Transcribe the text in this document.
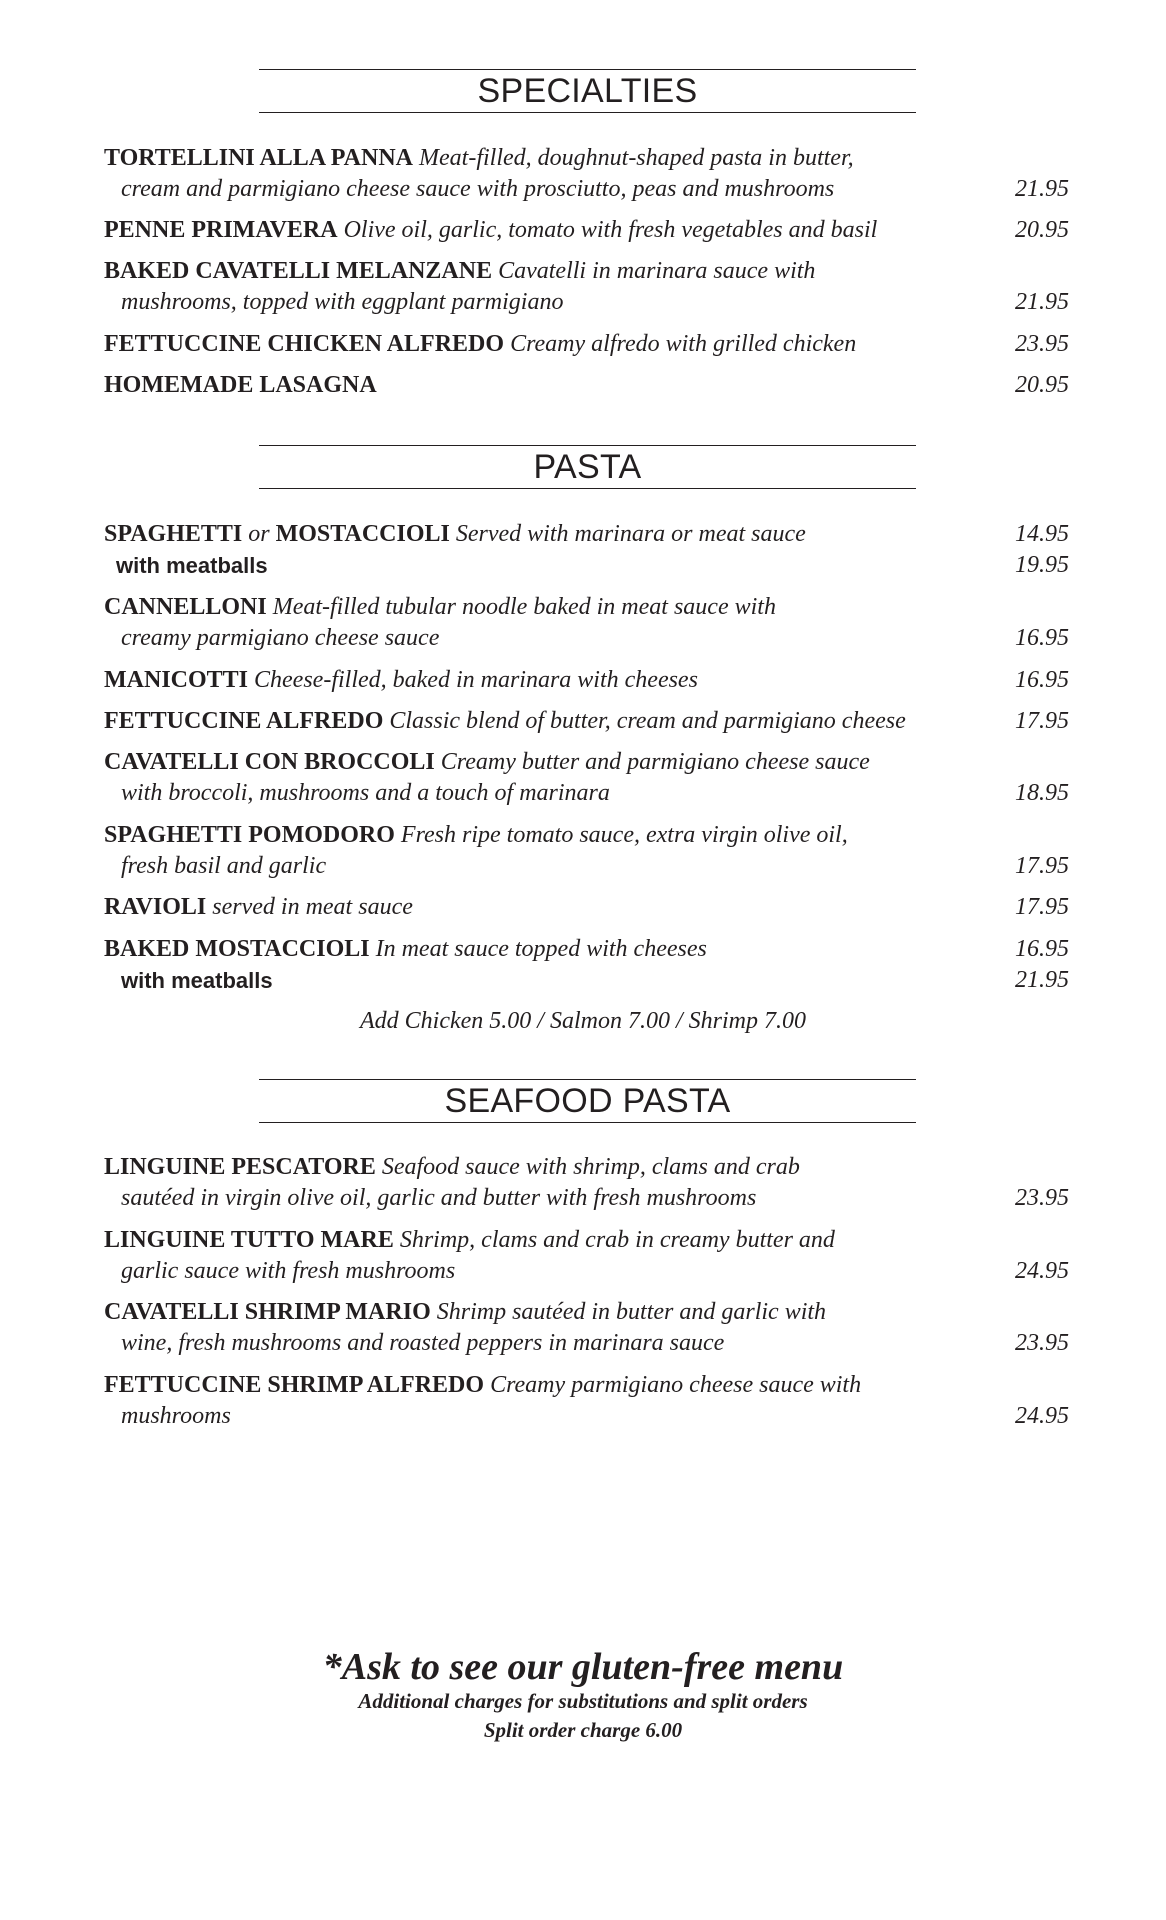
SPECIALTIES
TORTELLINI ALLA PANNA Meat-filled, doughnut-shaped pasta in butter,
cream and parmigiano cheese sauce with prosciutto, peas and mushrooms	21.95
PENNE PRIMAVERA Olive oil, garlic, tomato with fresh vegetables and basil	20.95
BAKED CAVATELLI MELANZANE Cavatelli in marinara sauce with
mushrooms, topped with eggplant parmigiano	21.95
FETTUCCINE CHICKEN ALFREDO Creamy alfredo with grilled chicken	23.95
HOMEMADE LASAGNA	20.95
PASTA
SPAGHETTI or MOSTACCIOLI Served with marinara or meat sauce	14.95
with meatballs	19.95
CANNELLONI Meat-filled tubular noodle baked in meat sauce with
creamy parmigiano cheese sauce	16.95
MANICOTTI Cheese-filled, baked in marinara with cheeses	16.95
FETTUCCINE ALFREDO Classic blend of butter, cream and parmigiano cheese	17.95
CAVATELLI CON BROCCOLI Creamy butter and parmigiano cheese sauce
with broccoli, mushrooms and a touch of marinara	18.95
SPAGHETTI POMODORO Fresh ripe tomato sauce, extra virgin olive oil,
fresh basil and garlic	17.95
RAVIOLI served in meat sauce	17.95
BAKED MOSTACCIOLI In meat sauce topped with cheeses	16.95
with meatballs	21.95
Add Chicken 5.00 / Salmon 7.00 / Shrimp 7.00
SEAFOOD PASTA
LINGUINE PESCATORE Seafood sauce with shrimp, clams and crab
sautéed in virgin olive oil, garlic and butter with fresh mushrooms	23.95
LINGUINE TUTTO MARE Shrimp, clams and crab in creamy butter and
garlic sauce with fresh mushrooms	24.95
CAVATELLI SHRIMP MARIO Shrimp sautéed in butter and garlic with
wine, fresh mushrooms and roasted peppers in marinara sauce	23.95
FETTUCCINE SHRIMP ALFREDO Creamy parmigiano cheese sauce with
mushrooms	24.95
*Ask to see our gluten-free menu
Additional charges for substitutions and split orders
Split order charge 6.00
